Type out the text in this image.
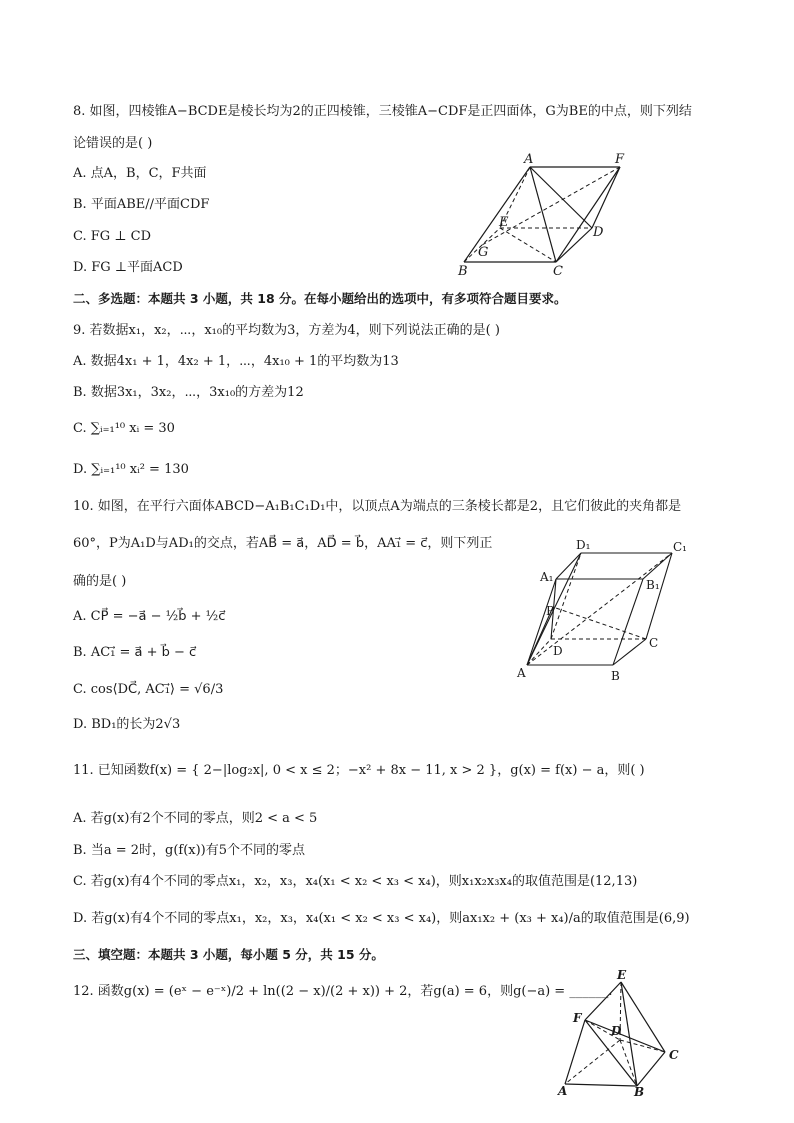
8. 如图，四棱锥A−BCDE是棱长均为2的正四棱锥，三棱锥A−CDF是正四面体，G为BE的中点，则下列结
论错误的是( )
A. 点A，B，C，F共面
B. 平面ABE//平面CDF
C. FG ⊥ CD
D. FG ⊥平面ACD
二、多选题：本题共 3 小题，共 18 分。在每小题给出的选项中，有多项符合题目要求。
9. 若数据x₁，x₂，⋯，x₁₀的平均数为3，方差为4，则下列说法正确的是( )
A. 数据4x₁ + 1，4x₂ + 1，⋯，4x₁₀ + 1的平均数为13
B. 数据3x₁，3x₂，⋯，3x₁₀的方差为12
C. ∑ᵢ₌₁¹⁰ xᵢ = 30
D. ∑ᵢ₌₁¹⁰ xᵢ² = 130
10. 如图，在平行六面体ABCD−A₁B₁C₁D₁中，以顶点A为端点的三条棱长都是2，且它们彼此的夹角都是
60°，P为A₁D与AD₁的交点，若AB⃗ = a⃗，AD⃗ = b⃗，AA₁⃗ = c⃗，则下列正
确的是( )
A. CP⃗ = −a⃗ − ½b⃗ + ½c⃗
B. AC₁⃗ = a⃗ + b⃗ − c⃗
C. cos⟨DC⃗, AC₁⃗⟩ = √6/3
D. BD₁的长为2√3
11. 已知函数f(x) = { 2−|log₂x|, 0 < x ≤ 2；−x² + 8x − 11, x > 2 }，g(x) = f(x) − a，则( )
A. 若g(x)有2个不同的零点，则2 < a < 5
B. 当a = 2时，g(f(x))有5个不同的零点
C. 若g(x)有4个不同的零点x₁，x₂，x₃，x₄(x₁ < x₂ < x₃ < x₄)，则x₁x₂x₃x₄的取值范围是(12,13)
D. 若g(x)有4个不同的零点x₁，x₂，x₃，x₄(x₁ < x₂ < x₃ < x₄)，则ax₁x₂ + (x₃ + x₄)/a的取值范围是(6,9)
三、填空题：本题共 3 小题，每小题 5 分，共 15 分。
12. 函数g(x) = (eˣ − e⁻ˣ)/2 + ln((2 − x)/(2 + x)) + 2，若g(a) = 6，则g(−a) = ______.
A	F
E
D
G
B	C
D₁	C₁
A₁
B₁
P
D
C
A	B
E
F
D
C
A	B
